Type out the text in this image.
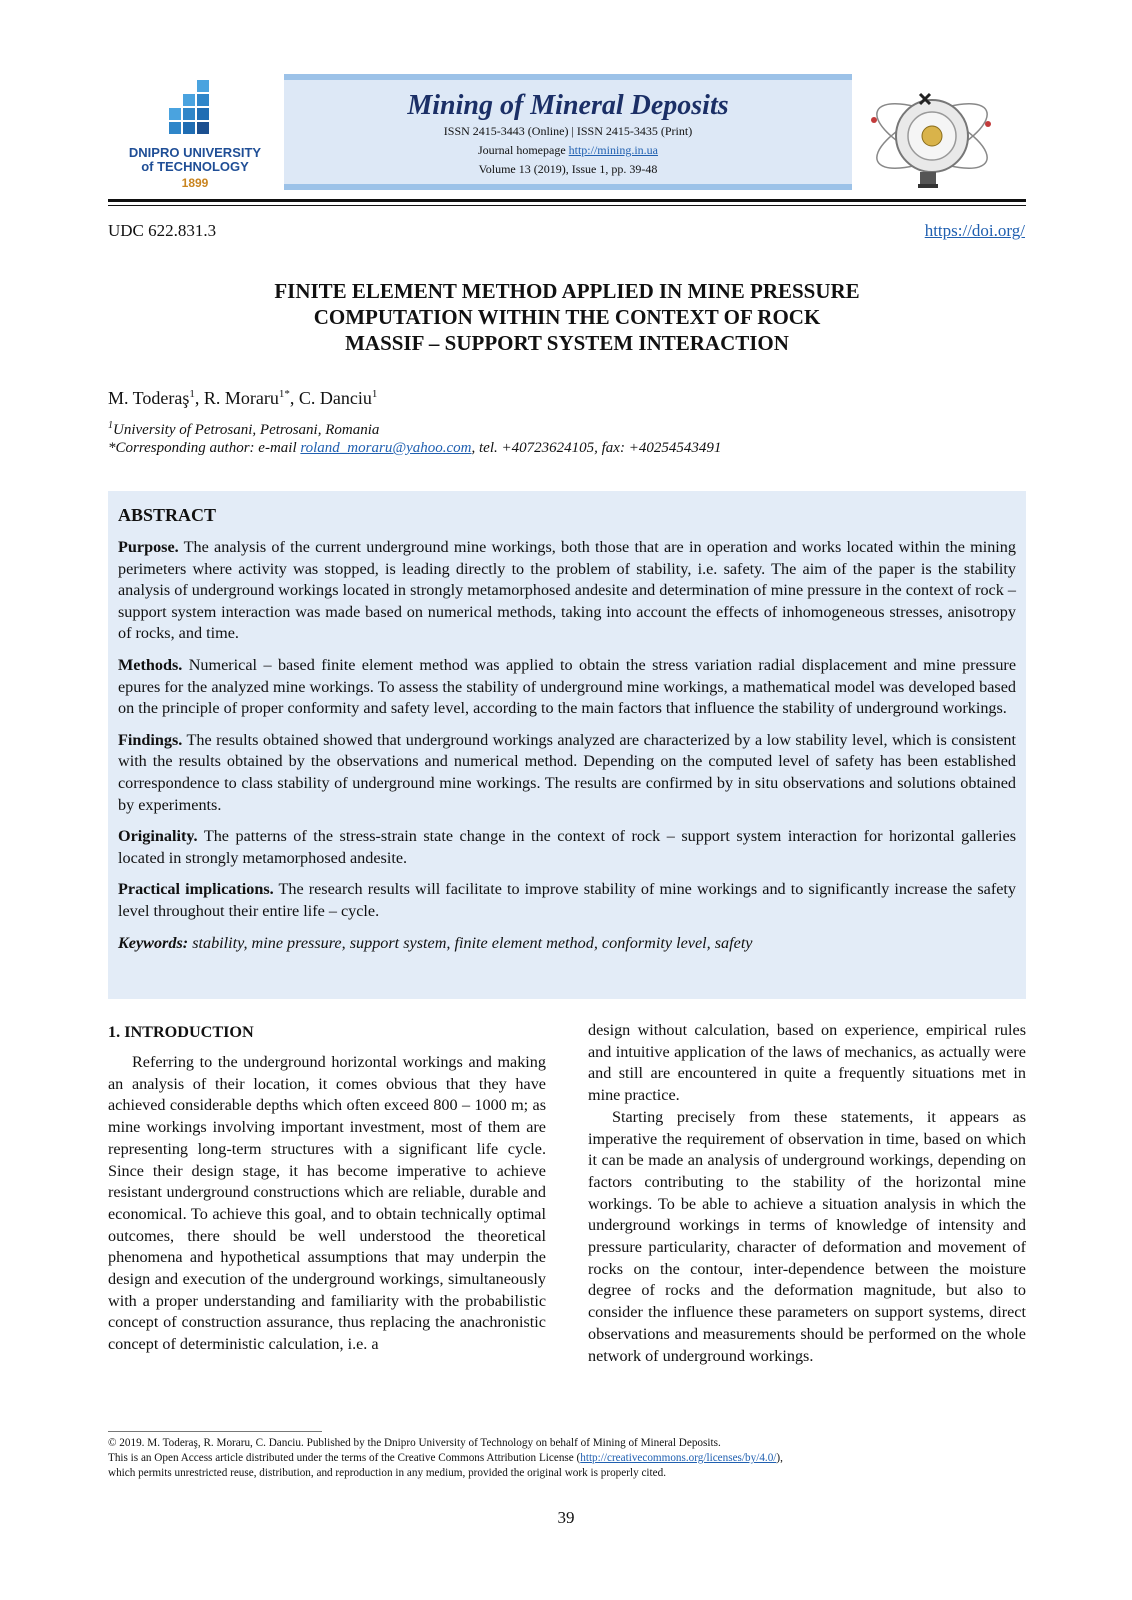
DNIPRO UNIVERSITY
of TECHNOLOGY
1899
Mining of Mineral Deposits
ISSN 2415-3443 (Online) | ISSN 2415-3435 (Print)
Journal homepage http://mining.in.ua
Volume 13 (2019), Issue 1, pp. 39-48
UDC 622.831.3	https://doi.org/
FINITE ELEMENT METHOD APPLIED IN MINE PRESSURE
COMPUTATION WITHIN THE CONTEXT OF ROCK
MASSIF – SUPPORT SYSTEM INTERACTION
M. Toderaş$^1$, R. Moraru$^{1*}$, C. Danciu$^1$
$^1$University of Petrosani, Petrosani, Romania
*Corresponding author: e-mail roland_moraru@yahoo.com, tel. +40723624105, fax: +40254543491
ABSTRACT

Purpose. The analysis of the current underground mine workings, both those that are in operation and works located within the mining perimeters where activity was stopped, is leading directly to the problem of stability, i.e. safety. The aim of the paper is the stability analysis of underground workings located in strongly metamorphosed andesite and determination of mine pressure in the context of rock – support system interaction was made based on numerical methods, taking into account the effects of inhomogeneous stresses, anisotropy of rocks, and time.

Methods. Numerical – based finite element method was applied to obtain the stress variation radial displacement and mine pressure epures for the analyzed mine workings. To assess the stability of underground mine workings, a mathematical model was developed based on the principle of proper conformity and safety level, according to the main factors that influence the stability of underground workings.

Findings. The results obtained showed that underground workings analyzed are characterized by a low stability level, which is consistent with the results obtained by the observations and numerical method. Depending on the computed level of safety has been established correspondence to class stability of underground mine workings. The results are confirmed by in situ observations and solutions obtained by experiments.

Originality. The patterns of the stress-strain state change in the context of rock – support system interaction for horizontal galleries located in strongly metamorphosed andesite.

Practical implications. The research results will facilitate to improve stability of mine workings and to significantly increase the safety level throughout their entire life – cycle.

Keywords: stability, mine pressure, support system, finite element method, conformity level, safety

1. INTRODUCTION

Referring to the underground horizontal workings and making an analysis of their location, it comes obvious that they have achieved considerable depths which often exceed 800 – 1000 m; as mine workings involving important investment, most of them are representing long-term structures with a significant life cycle. Since their design stage, it has become imperative to achieve resistant underground constructions which are reliable, durable and economical. To achieve this goal, and to obtain technically optimal outcomes, there should be well understood the theoretical phenomena and hypothetical assumptions that may underpin the design and execution of the underground workings, simultaneously with a proper understanding and familiarity with the probabilistic concept of construction assurance, thus replacing the anachronistic concept of deterministic calculation, i.e. a

design without calculation, based on experience, empirical rules and intuitive application of the laws of mechanics, as actually were and still are encountered in quite a frequently situations met in mine practice.

Starting precisely from these statements, it appears as imperative the requirement of observation in time, based on which it can be made an analysis of underground workings, depending on factors contributing to the stability of the horizontal mine workings. To be able to achieve a situation analysis in which the underground workings in terms of knowledge of intensity and pressure particularity, character of deformation and movement of rocks on the contour, inter-dependence between the moisture degree of rocks and the deformation magnitude, but also to consider the influence these parameters on support systems, direct observations and measurements should be performed on the whole network of underground workings.

© 2019. M. Toderaş, R. Moraru, C. Danciu. Published by the Dnipro University of Technology on behalf of Mining of Mineral Deposits.
This is an Open Access article distributed under the terms of the Creative Commons Attribution License (http://creativecommons.org/licenses/by/4.0/),
which permits unrestricted reuse, distribution, and reproduction in any medium, provided the original work is properly cited.
39
